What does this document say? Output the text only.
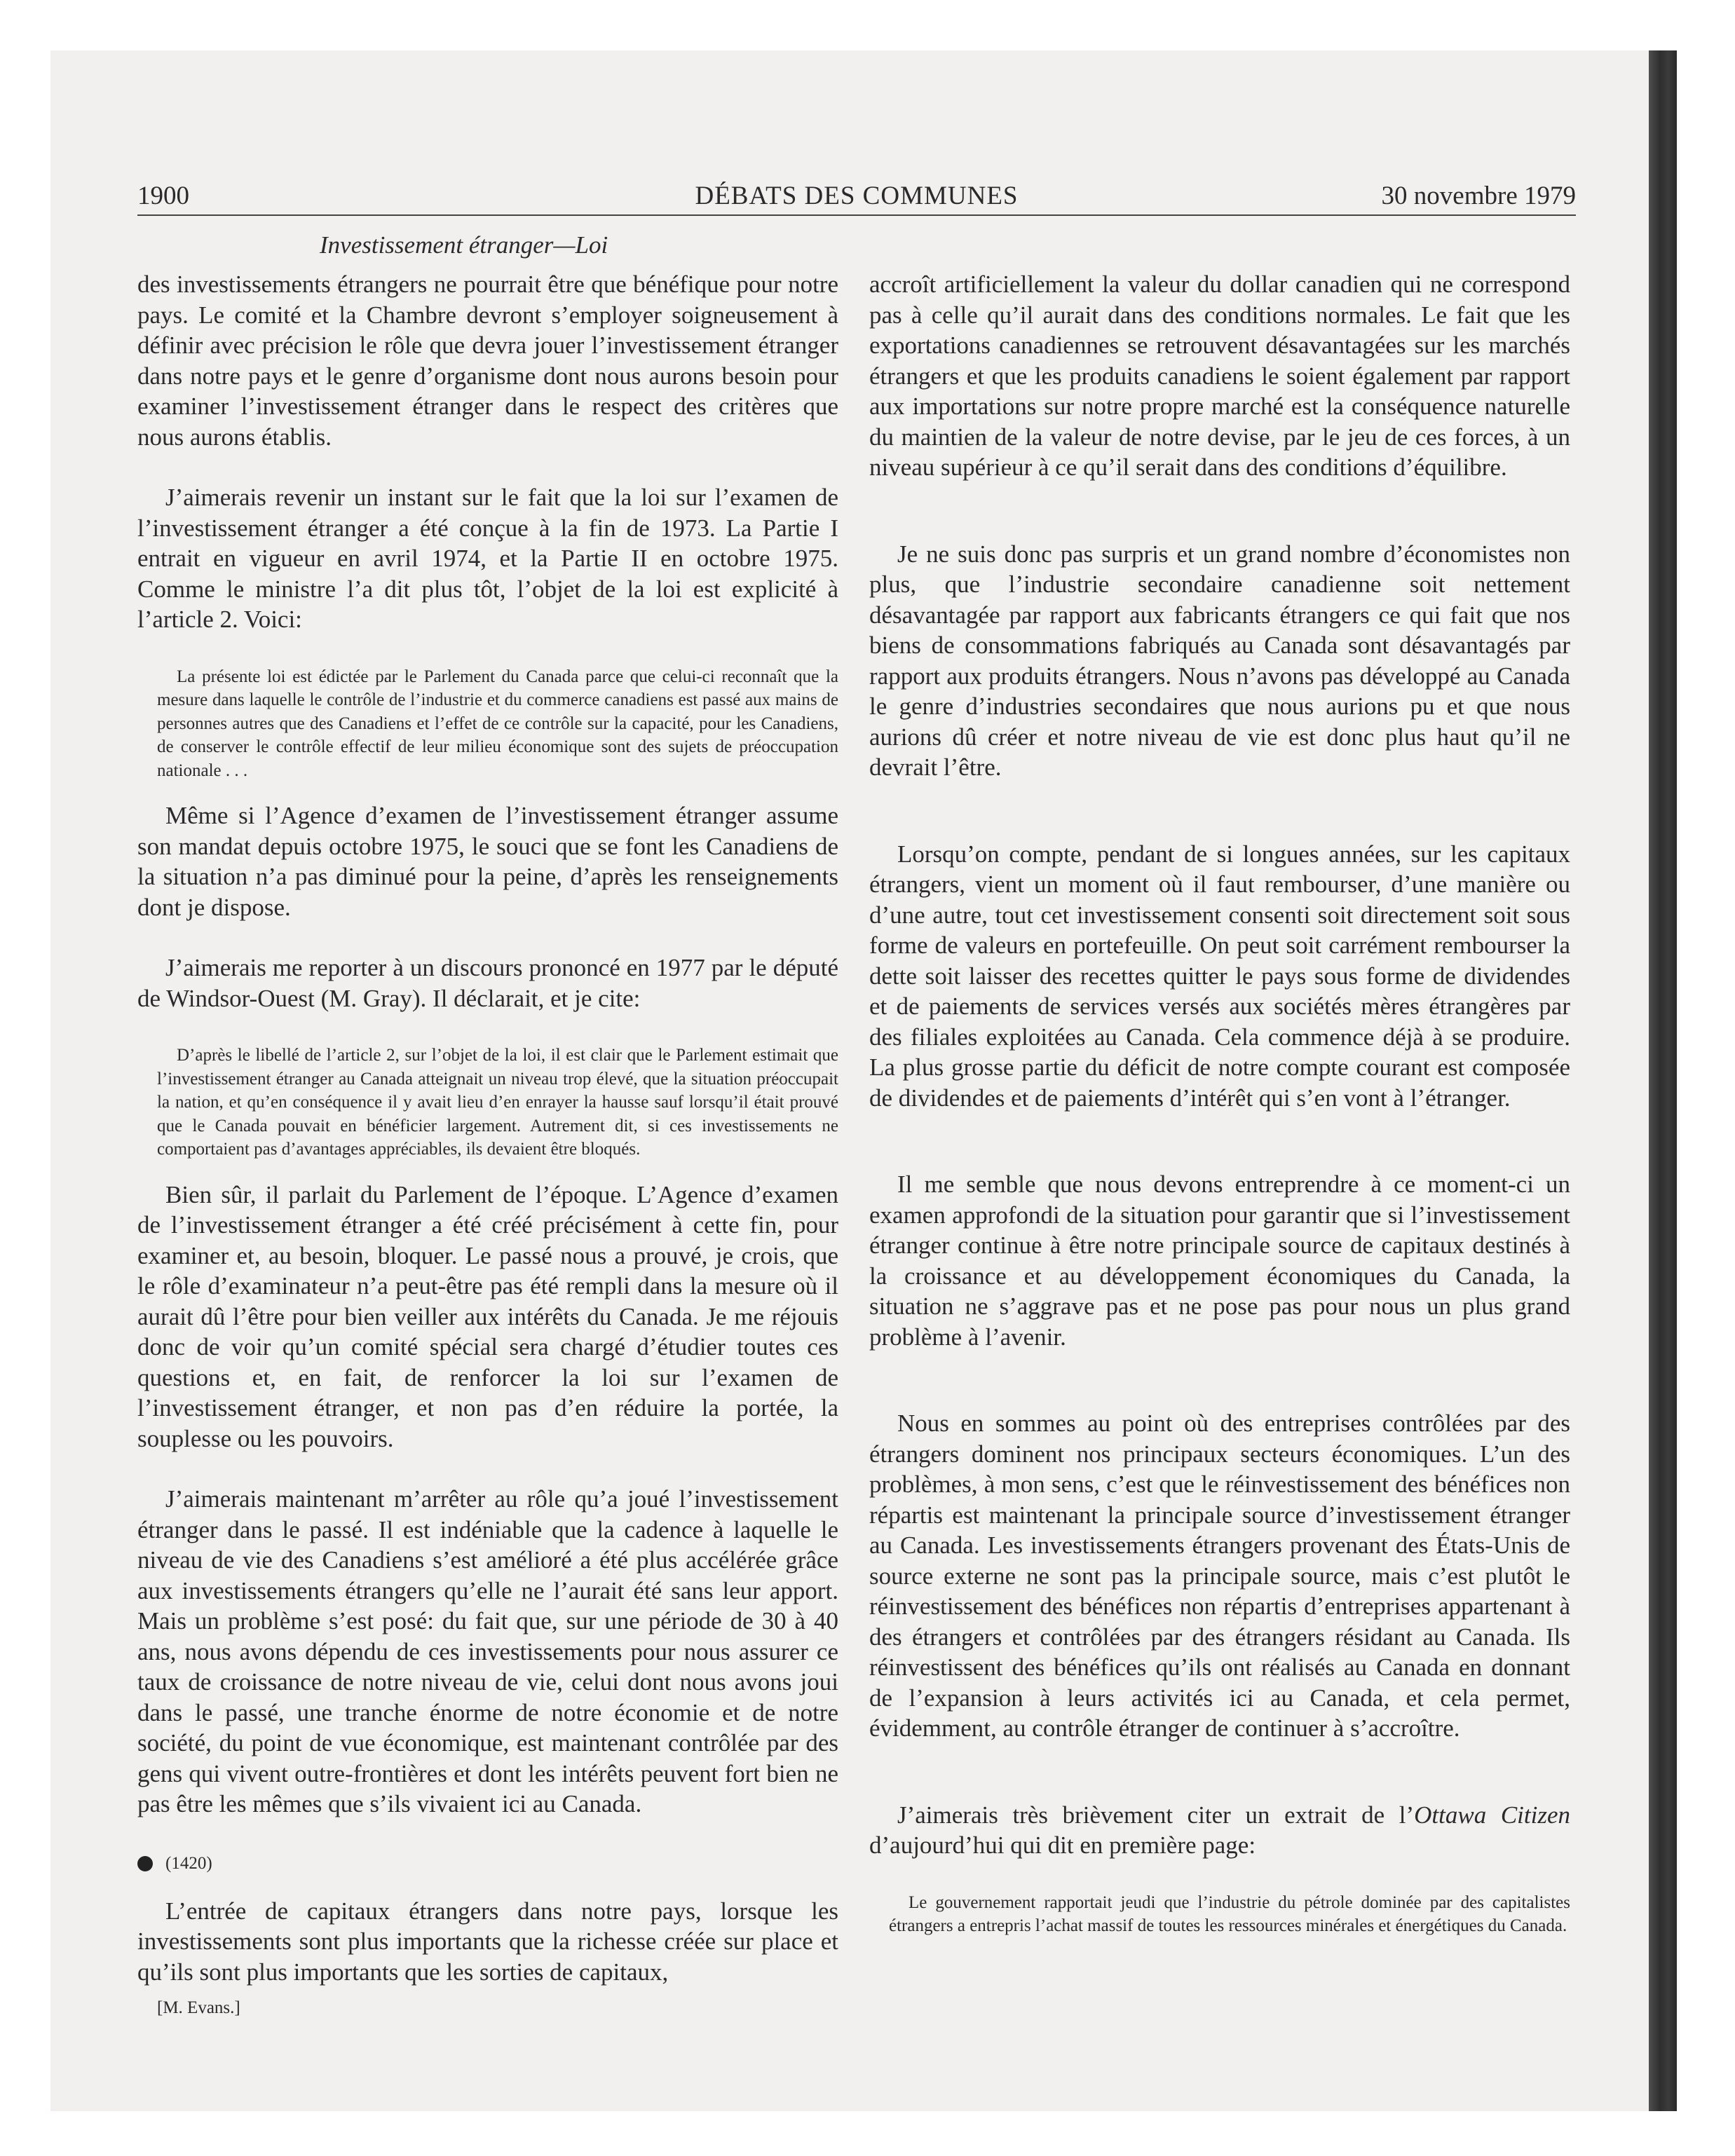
1900	DÉBATS DES COMMUNES	30 novembre 1979
Investissement étranger—Loi

des investissements étrangers ne pourrait être que bénéfique pour notre pays. Le comité et la Chambre devront s’employer soigneusement à définir avec précision le rôle que devra jouer l’investissement étranger dans notre pays et le genre d’organisme dont nous aurons besoin pour examiner l’investissement étranger dans le respect des critères que nous aurons établis.

J’aimerais revenir un instant sur le fait que la loi sur l’examen de l’investissement étranger a été conçue à la fin de 1973. La Partie I entrait en vigueur en avril 1974, et la Partie II en octobre 1975. Comme le ministre l’a dit plus tôt, l’objet de la loi est explicité à l’article 2. Voici:

La présente loi est édictée par le Parlement du Canada parce que celui-ci reconnaît que la mesure dans laquelle le contrôle de l’industrie et du commerce canadiens est passé aux mains de personnes autres que des Canadiens et l’effet de ce contrôle sur la capacité, pour les Canadiens, de conserver le contrôle effectif de leur milieu économique sont des sujets de préoccupation nationale . . .

Même si l’Agence d’examen de l’investissement étranger assume son mandat depuis octobre 1975, le souci que se font les Canadiens de la situation n’a pas diminué pour la peine, d’après les renseignements dont je dispose.

J’aimerais me reporter à un discours prononcé en 1977 par le député de Windsor-Ouest (M. Gray). Il déclarait, et je cite:

D’après le libellé de l’article 2, sur l’objet de la loi, il est clair que le Parlement estimait que l’investissement étranger au Canada atteignait un niveau trop élevé, que la situation préoccupait la nation, et qu’en conséquence il y avait lieu d’en enrayer la hausse sauf lorsqu’il était prouvé que le Canada pouvait en bénéficier largement. Autrement dit, si ces investissements ne comportaient pas d’avantages appréciables, ils devaient être bloqués.

Bien sûr, il parlait du Parlement de l’époque. L’Agence d’examen de l’investissement étranger a été créé précisément à cette fin, pour examiner et, au besoin, bloquer. Le passé nous a prouvé, je crois, que le rôle d’examinateur n’a peut-être pas été rempli dans la mesure où il aurait dû l’être pour bien veiller aux intérêts du Canada. Je me réjouis donc de voir qu’un comité spécial sera chargé d’étudier toutes ces questions et, en fait, de renforcer la loi sur l’examen de l’investissement étranger, et non pas d’en réduire la portée, la souplesse ou les pouvoirs.

J’aimerais maintenant m’arrêter au rôle qu’a joué l’investissement étranger dans le passé. Il est indéniable que la cadence à laquelle le niveau de vie des Canadiens s’est amélioré a été plus accélérée grâce aux investissements étrangers qu’elle ne l’aurait été sans leur apport. Mais un problème s’est posé: du fait que, sur une période de 30 à 40 ans, nous avons dépendu de ces investissements pour nous assurer ce taux de croissance de notre niveau de vie, celui dont nous avons joui dans le passé, une tranche énorme de notre économie et de notre société, du point de vue économique, est maintenant contrôlée par des gens qui vivent outre-frontières et dont les intérêts peuvent fort bien ne pas être les mêmes que s’ils vivaient ici au Canada.

(1420)

L’entrée de capitaux étrangers dans notre pays, lorsque les investissements sont plus importants que la richesse créée sur place et qu’ils sont plus importants que les sorties de capitaux,

[M. Evans.]

accroît artificiellement la valeur du dollar canadien qui ne correspond pas à celle qu’il aurait dans des conditions normales. Le fait que les exportations canadiennes se retrouvent désavantagées sur les marchés étrangers et que les produits canadiens le soient également par rapport aux importations sur notre propre marché est la conséquence naturelle du maintien de la valeur de notre devise, par le jeu de ces forces, à un niveau supérieur à ce qu’il serait dans des conditions d’équilibre.

Je ne suis donc pas surpris et un grand nombre d’économistes non plus, que l’industrie secondaire canadienne soit nettement désavantagée par rapport aux fabricants étrangers ce qui fait que nos biens de consommations fabriqués au Canada sont désavantagés par rapport aux produits étrangers. Nous n’avons pas développé au Canada le genre d’industries secondaires que nous aurions pu et que nous aurions dû créer et notre niveau de vie est donc plus haut qu’il ne devrait l’être.

Lorsqu’on compte, pendant de si longues années, sur les capitaux étrangers, vient un moment où il faut rembourser, d’une manière ou d’une autre, tout cet investissement consenti soit directement soit sous forme de valeurs en portefeuille. On peut soit carrément rembourser la dette soit laisser des recettes quitter le pays sous forme de dividendes et de paiements de services versés aux sociétés mères étrangères par des filiales exploitées au Canada. Cela commence déjà à se produire. La plus grosse partie du déficit de notre compte courant est composée de dividendes et de paiements d’intérêt qui s’en vont à l’étranger.

Il me semble que nous devons entreprendre à ce moment-ci un examen approfondi de la situation pour garantir que si l’investissement étranger continue à être notre principale source de capitaux destinés à la croissance et au développement économiques du Canada, la situation ne s’aggrave pas et ne pose pas pour nous un plus grand problème à l’avenir.

Nous en sommes au point où des entreprises contrôlées par des étrangers dominent nos principaux secteurs économiques. L’un des problèmes, à mon sens, c’est que le réinvestissement des bénéfices non répartis est maintenant la principale source d’investissement étranger au Canada. Les investissements étrangers provenant des États-Unis de source externe ne sont pas la principale source, mais c’est plutôt le réinvestissement des bénéfices non répartis d’entreprises appartenant à des étrangers et contrôlées par des étrangers résidant au Canada. Ils réinvestissent des bénéfices qu’ils ont réalisés au Canada en donnant de l’expansion à leurs activités ici au Canada, et cela permet, évidemment, au contrôle étranger de continuer à s’accroître.

J’aimerais très brièvement citer un extrait de l’Ottawa Citizen d’aujourd’hui qui dit en première page:

Le gouvernement rapportait jeudi que l’industrie du pétrole dominée par des capitalistes étrangers a entrepris l’achat massif de toutes les ressources minérales et énergétiques du Canada.
